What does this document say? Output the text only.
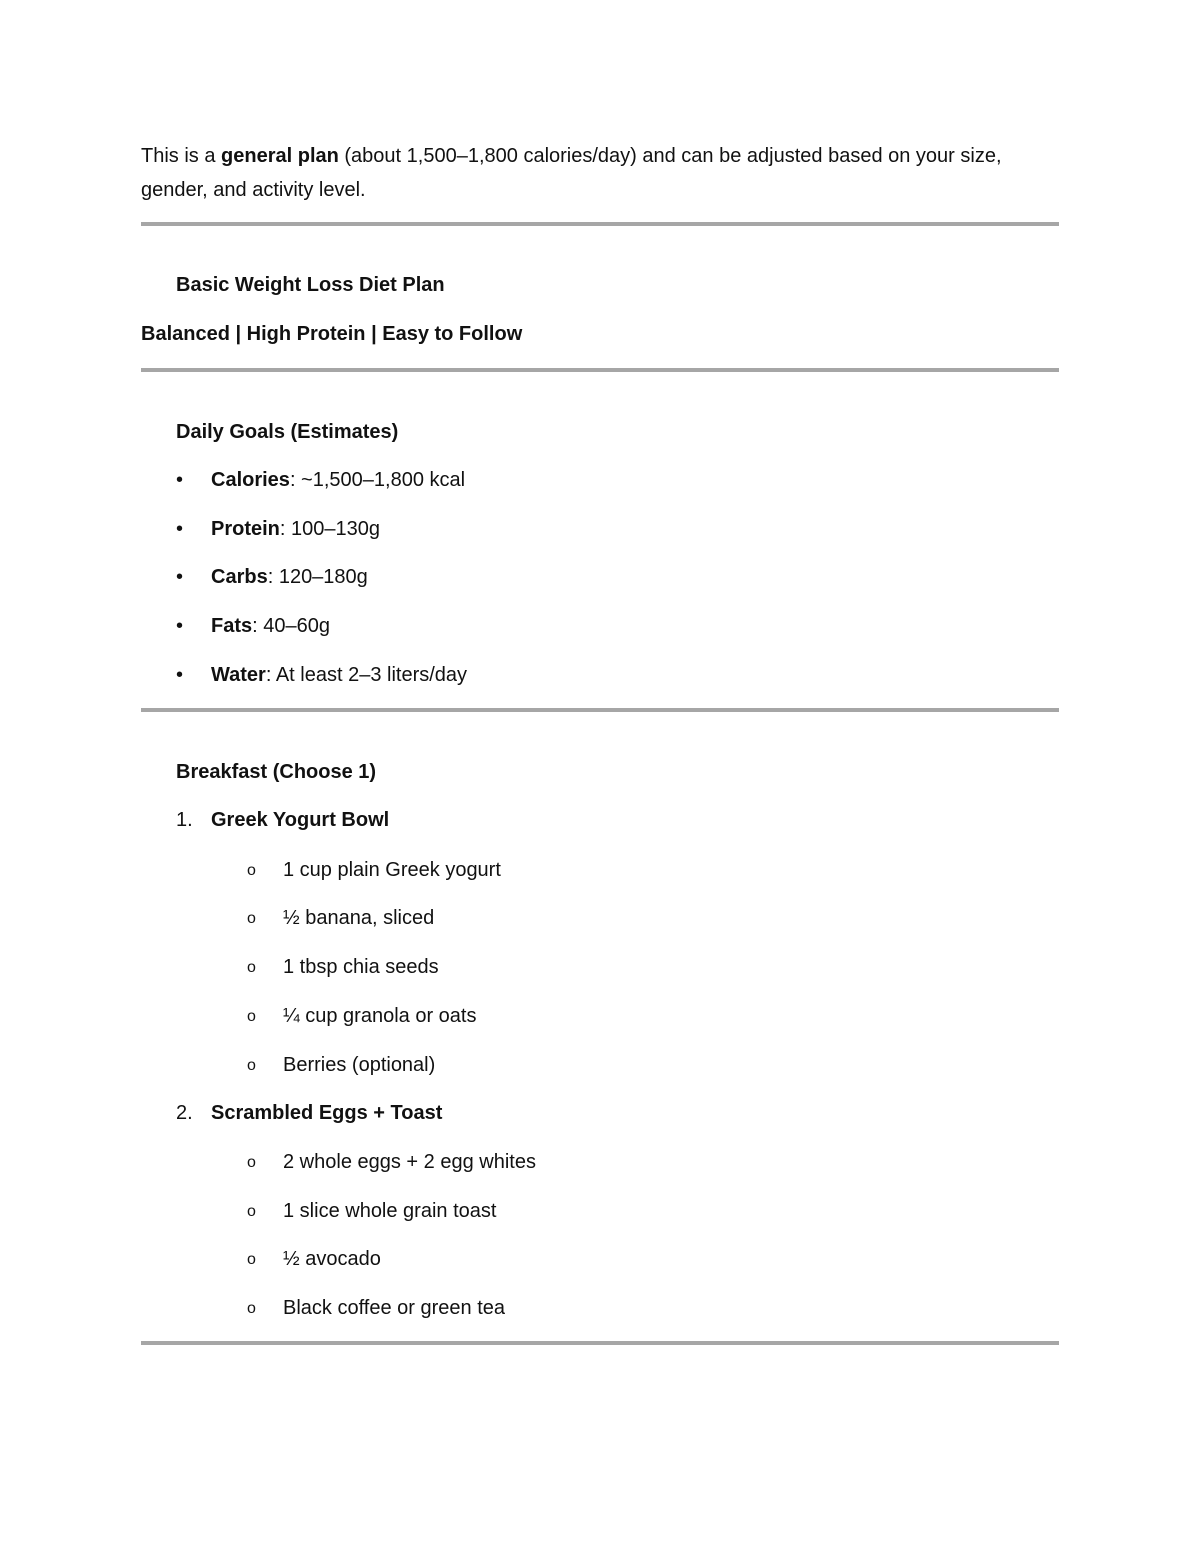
This is a general plan (about 1,500–1,800 calories/day) and can be adjusted based on your size,
gender, and activity level.
Basic Weight Loss Diet Plan
Balanced | High Protein | Easy to Follow
Daily Goals (Estimates)
•	Calories: ~1,500–1,800 kcal
•	Protein: 100–130g
•	Carbs: 120–180g
•	Fats: 40–60g
•	Water: At least 2–3 liters/day
Breakfast (Choose 1)
1. Greek Yogurt Bowl
o 1 cup plain Greek yogurt
o ½ banana, sliced
o 1 tbsp chia seeds
o ¼ cup granola or oats
o Berries (optional)
2. Scrambled Eggs + Toast
o 2 whole eggs + 2 egg whites
o 1 slice whole grain toast
o ½ avocado
o Black coffee or green tea
